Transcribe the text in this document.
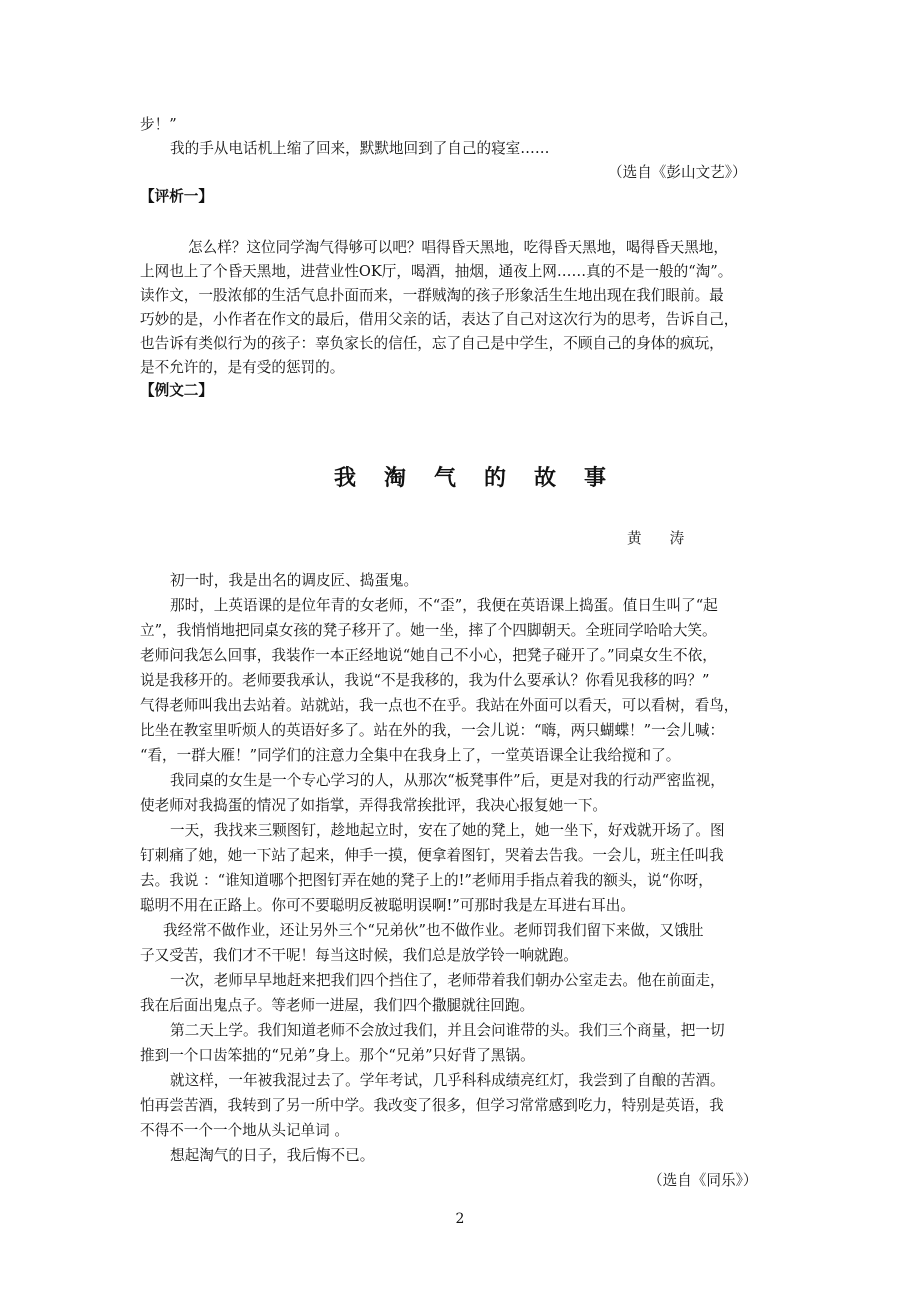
步！”
我的手从电话机上缩了回来，默默地回到了自己的寝室……
（选自《彭山文艺》）
【评析一】
怎么样？这位同学淘气得够可以吧？唱得昏天黑地，吃得昏天黑地，喝得昏天黑地，
上网也上了个昏天黑地，进营业性OK厅，喝酒，抽烟，通夜上网……真的不是一般的“淘”。
读作文，一股浓郁的生活气息扑面而来，一群贼淘的孩子形象活生生地出现在我们眼前。最
巧妙的是，小作者在作文的最后，借用父亲的话，表达了自己对这次行为的思考，告诉自己，
也告诉有类似行为的孩子：辜负家长的信任，忘了自己是中学生，不顾自己的身体的疯玩，
是不允许的，是有受的惩罚的。
【例文二】
我淘气的故事
黄涛
初一时，我是出名的调皮匠、捣蛋鬼。
那时，上英语课的是位年青的女老师，不“歪”，我便在英语课上捣蛋。值日生叫了“起
立”，我悄悄地把同桌女孩的凳子移开了。她一坐，摔了个四脚朝天。全班同学哈哈大笑。
老师问我怎么回事，我装作一本正经地说“她自己不小心，把凳子碰开了。”同桌女生不依，
说是我移开的。老师要我承认，我说“不是我移的，我为什么要承认？你看见我移的吗？”
气得老师叫我出去站着。站就站，我一点也不在乎。我站在外面可以看天，可以看树，看鸟，
比坐在教室里听烦人的英语好多了。站在外的我，一会儿说：“嗨，两只蝴蝶！”一会儿喊：
“看，一群大雁！”同学们的注意力全集中在我身上了，一堂英语课全让我给搅和了。
我同桌的女生是一个专心学习的人，从那次“板凳事件”后，更是对我的行动严密监视，
使老师对我捣蛋的情况了如指掌，弄得我常挨批评，我决心报复她一下。
一天，我找来三颗图钉，趁地起立时，安在了她的凳上，她一坐下，好戏就开场了。图
钉刺痛了她，她一下站了起来，伸手一摸，便拿着图钉，哭着去告我。一会儿，班主任叫我
去。我说 ：“谁知道哪个把图钉弄在她的凳子上的!”老师用手指点着我的额头，说“你呀，
聪明不用在正路上。你可不要聪明反被聪明误啊!”可那时我是左耳进右耳出。
我经常不做作业，还让另外三个“兄弟伙”也不做作业。老师罚我们留下来做，又饿肚
子又受苦，我们才不干呢！每当这时候，我们总是放学铃一响就跑。
一次，老师早早地赶来把我们四个挡住了，老师带着我们朝办公室走去。他在前面走，
我在后面出鬼点子。等老师一进屋，我们四个撒腿就往回跑。
第二天上学。我们知道老师不会放过我们，并且会问谁带的头。我们三个商量，把一切
推到一个口齿笨拙的“兄弟”身上。那个“兄弟”只好背了黑锅。
就这样，一年被我混过去了。学年考试，几乎科科成绩亮红灯，我尝到了自酿的苦酒。
怕再尝苦酒，我转到了另一所中学。我改变了很多，但学习常常感到吃力，特别是英语，我
不得不一个一个地从头记单词 。
想起淘气的日子，我后悔不已。
（选自《同乐》）
2
